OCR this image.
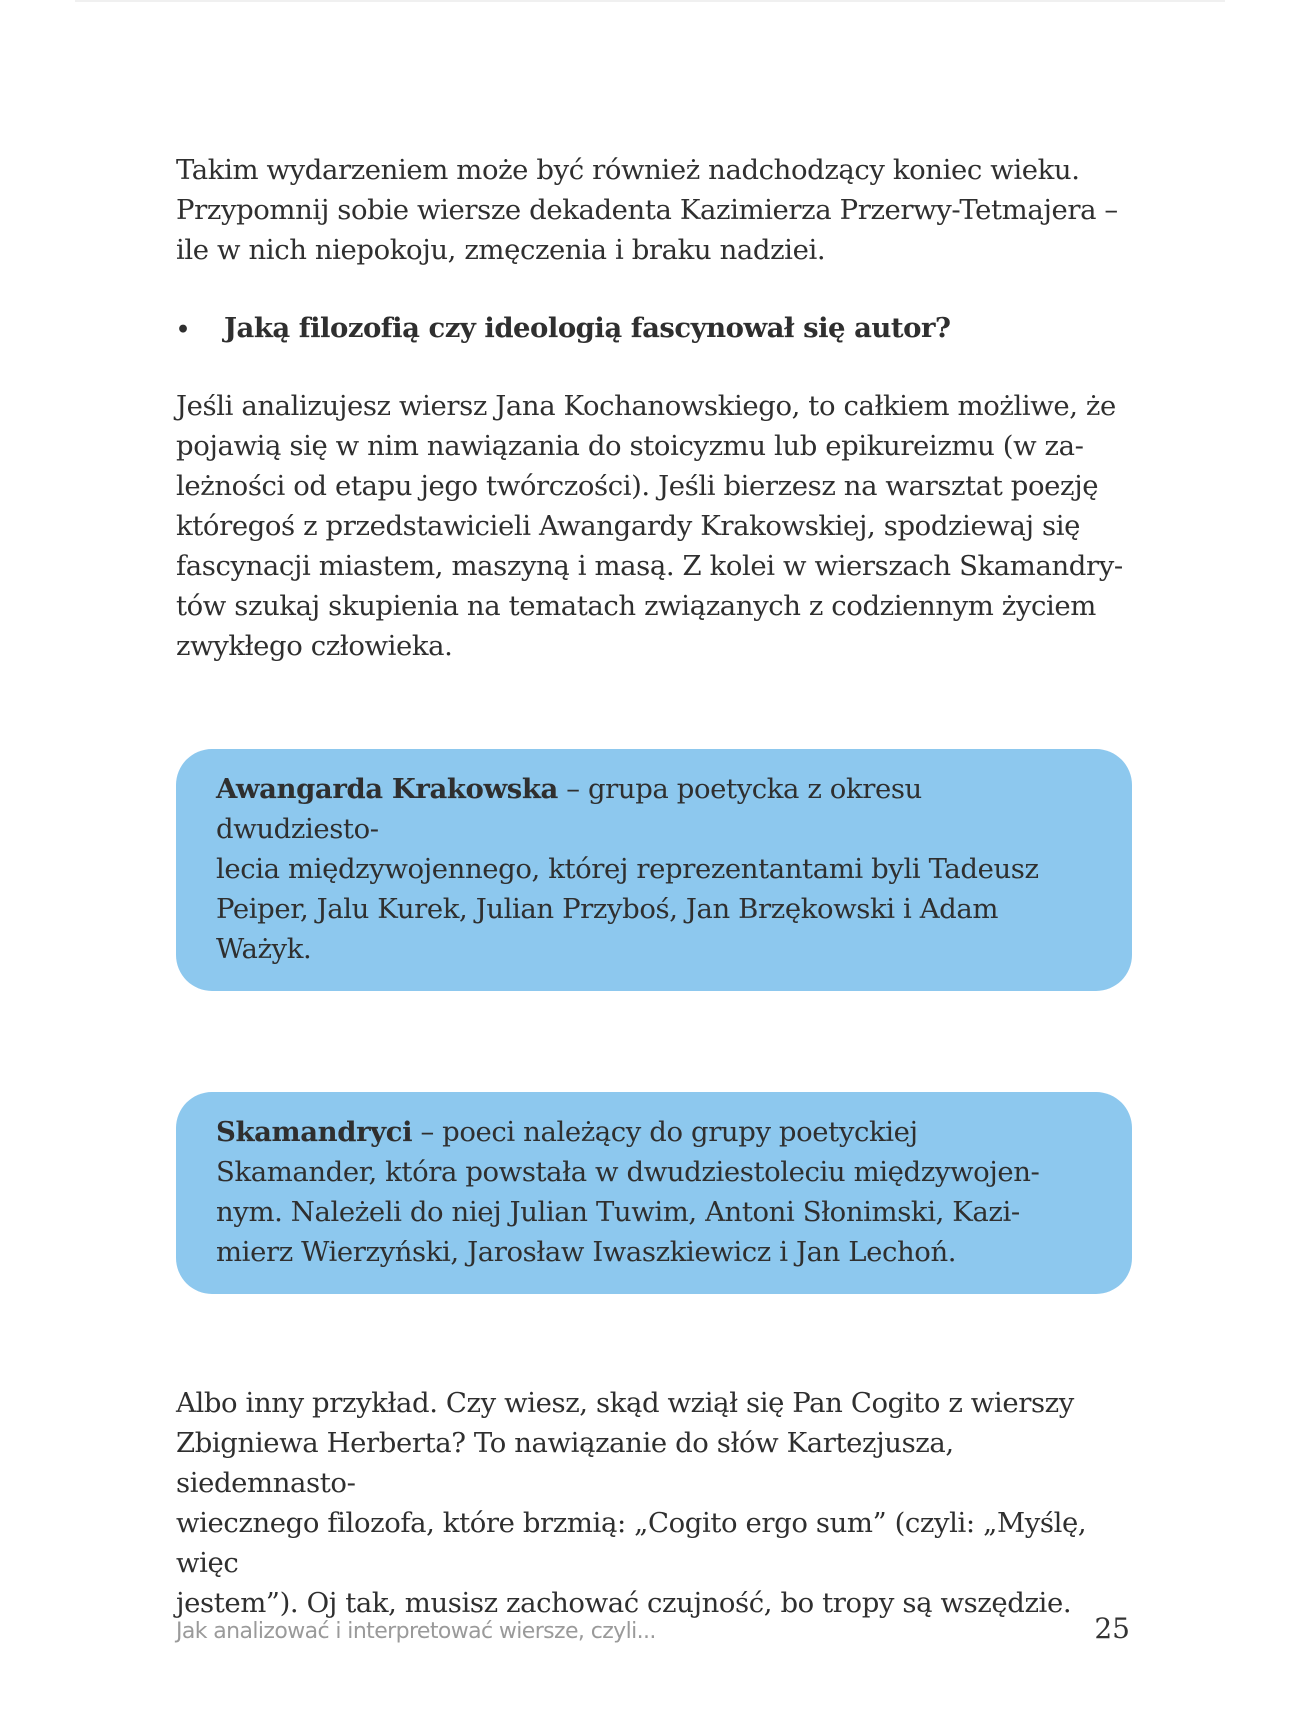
Takim wydarzeniem może być również nadchodzący koniec wieku.
Przypomnij sobie wiersze dekadenta Kazimierza Przerwy-Tetmajera –
ile w nich niepokoju, zmęczenia i braku nadziei.

•	Jaką filozofią czy ideologią fascynował się autor?

Jeśli analizujesz wiersz Jana Kochanowskiego, to całkiem możliwe, że
pojawią się w nim nawiązania do stoicyzmu lub epikureizmu (w za-
leżności od etapu jego twórczości). Jeśli bierzesz na warsztat poezję
któregoś z przedstawicieli Awangardy Krakowskiej, spodziewaj się
fascynacji miastem, maszyną i masą. Z kolei w wierszach Skamandry-
tów szukaj skupienia na tematach związanych z codziennym życiem
zwykłego człowieka.

Awangarda Krakowska – grupa poetycka z okresu dwudziesto-
lecia międzywojennego, której reprezentantami byli Tadeusz
Peiper, Jalu Kurek, Julian Przyboś, Jan Brzękowski i Adam
Ważyk.
Skamandryci – poeci należący do grupy poetyckiej
Skamander, która powstała w dwudziestoleciu międzywojen-
nym. Należeli do niej Julian Tuwim, Antoni Słonimski, Kazi-
mierz Wierzyński, Jarosław Iwaszkiewicz i Jan Lechoń.

Albo inny przykład. Czy wiesz, skąd wziął się Pan Cogito z wierszy
Zbigniewa Herberta? To nawiązanie do słów Kartezjusza, siedemnasto-
wiecznego filozofa, które brzmią: „Cogito ergo sum” (czyli: „Myślę, więc
jestem”). Oj tak, musisz zachować czujność, bo tropy są wszędzie.

Jak analizować i interpretować wiersze, czyli...	25
